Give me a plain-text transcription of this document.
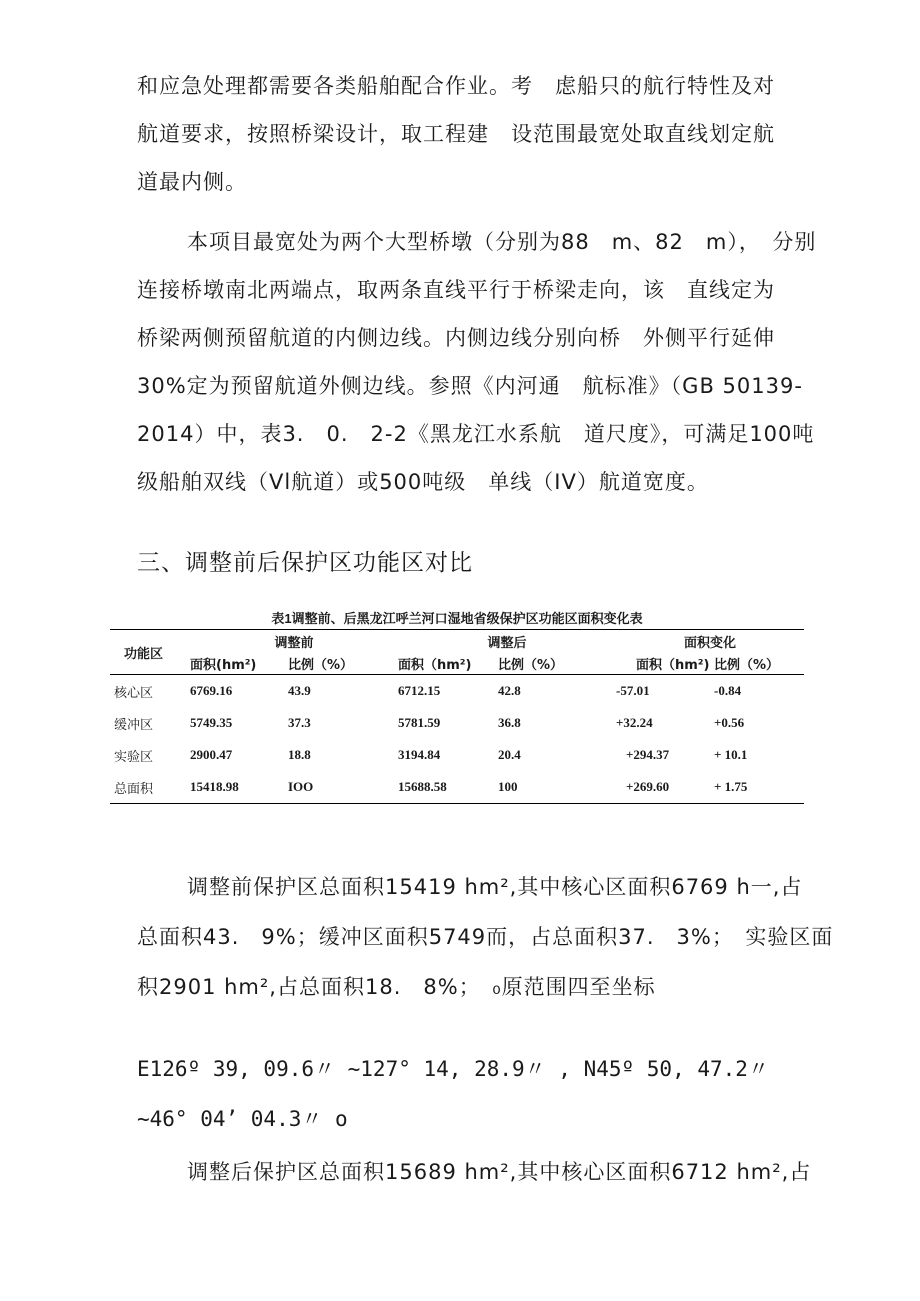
和应急处理都需要各类船舶配合作业。考　虑船只的航行特性及对
航道要求，按照桥梁设计，取工程建　设范围最宽处取直线划定航
道最内侧。

本项目最宽处为两个大型桥墩（分别为88　m、82　m），　分别
连接桥墩南北两端点，取两条直线平行于桥梁走向，该　直线定为
桥梁两侧预留航道的内侧边线。内侧边线分别向桥　外侧平行延伸
30%定为预留航道外侧边线。参照《内河通　航标准》（GB 50139-
2014）中，表3.　0.　2-2《黑龙江水系航　道尺度》，可满足100吨
级船舶双线（Vl航道）或500吨级　单线（IV）航道宽度。

三、调整前后保护区功能区对比
表1调整前、后黑龙江呼兰河口湿地省级保护区功能区面积变化表
功能区	调整前		调整后		面积变化	
	面积(hm²)	比例（%）	面积（hm²)	比例（%）	面积（hm²)	比例（%）
核心区	6769.16	43.9	6712.15	42.8	-57.01	-0.84
缓冲区	5749.35	37.3	5781.59	36.8	+32.24	+0.56
实验区	2900.47	18.8	3194.84	20.4	+294.37	+ 10.1
总面积	15418.98	IOO	15688.58	100	+269.60	+ 1.75

调整前保护区总面积15419 hm²,其中核心区面积6769 h一,占
总面积43.　9%；缓冲区面积5749而，占总面积37.　3%；　实验区面
积2901 hm²,占总面积18.　8%；　₀原范围四至坐标

E126º 39, 09.6〃 ~127° 14, 28.9〃 , N45º 50, 47.2〃
~46° 04’ 04.3〃 o

调整后保护区总面积15689 hm²,其中核心区面积6712 hm²,占
